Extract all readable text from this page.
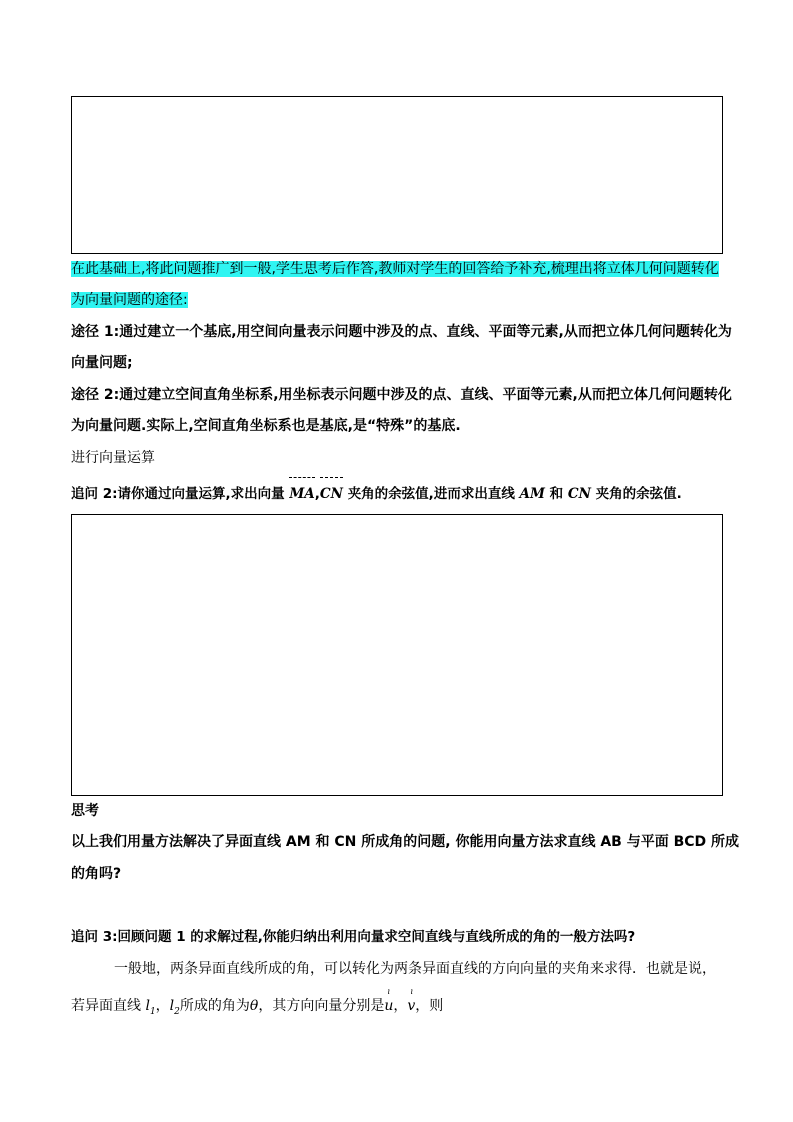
在此基础上,将此问题推广到一般,学生思考后作答,教师对学生的回答给予补充,梳理出将立体几何问题转化
为向量问题的途径:
途径 1:通过建立一个基底,用空间向量表示问题中涉及的点、直线、平面等元素,从而把立体几何问题转化为
向量问题;
途径 2:通过建立空间直角坐标系,用坐标表示问题中涉及的点、直线、平面等元素,从而把立体几何问题转化
为向量问题.实际上,空间直角坐标系也是基底,是“特殊”的基底.
进行向量运算
追问 2:请你通过向量运算,求出向量 MA,
CN 夹角的余弦值,进而求出直线 AM 和 CN 夹角的余弦值.
思考
以上我们用量方法解决了异面直线 AM 和 CN 所成角的问题, 你能用向量方法求直线 AB 与平面 BCD 所成
的角吗?
追问 3:回顾问题 1 的求解过程,你能归纳出利用向量求空间直线与直线所成的角的一般方法吗?
一般地，两条异面直线所成的角，可以转化为两条异面直线的方向向量的夹角来求得．也就是说，
若异面直线 $l_1$，$l_2$所成的角为θ，其方向向量分别是
ı
u，
ı
v，则
